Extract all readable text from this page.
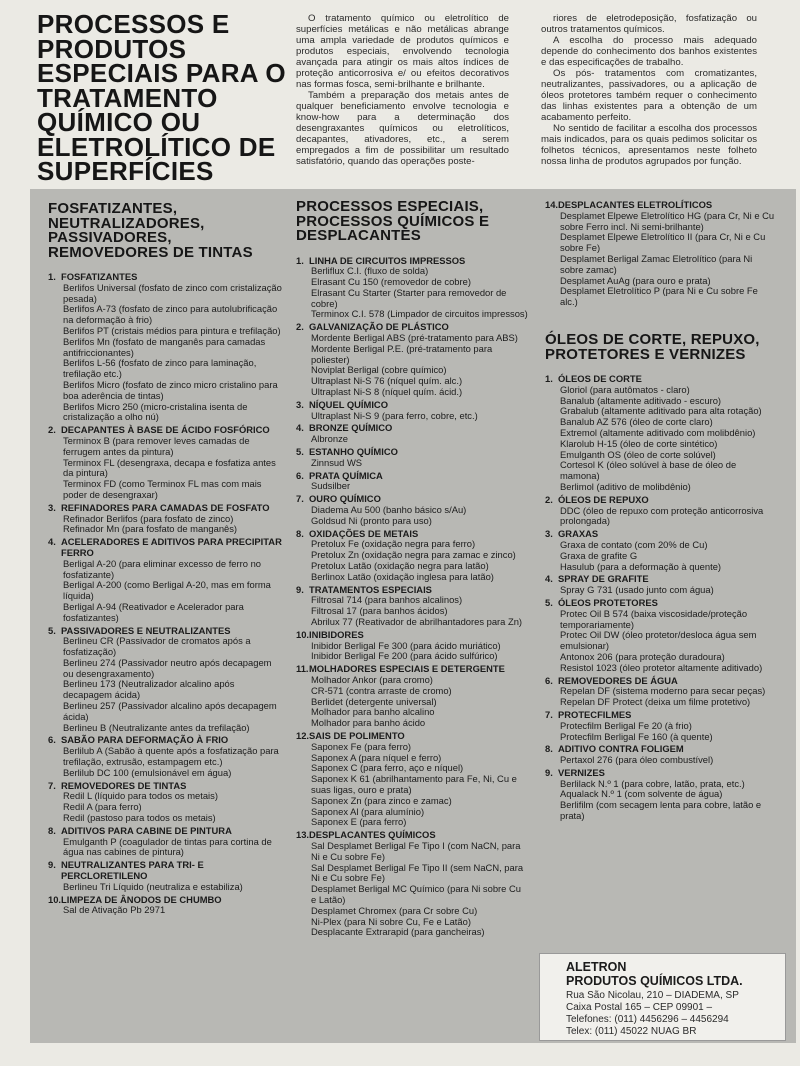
PROCESSOS E PRODUTOS ESPECIAIS PARA O TRATAMENTO QUÍMICO OU ELETROLÍTICO DE SUPERFÍCIES

O tratamento químico ou eletrolítico de superfícies metálicas e não metálicas abrange uma ampla variedade de produtos químicos e produtos especiais, envolvendo tecnologia avançada para atingir os mais altos índices de proteção anticorrosiva e/ ou efeitos decorativos nas formas fosca, semi-brilhante e brilhante.

Também a preparação dos metais antes de qualquer beneficiamento envolve tecnologia e know-how para a determinação dos desengraxantes químicos ou eletrolíticos, decapantes, ativadores, etc., a serem empregados a fim de possibilitar um resultado satisfatório, quando das operações poste-

riores de eletrodeposição, fosfatização ou outros tratamentos químicos.

A escolha do processo mais adequado depende do conhecimento dos banhos existentes e das especificações de trabalho.

Os pós- tratamentos com cromatizantes, neutralizantes, passivadores, ou a aplicação de óleos protetores também requer o conhecimento das linhas existentes para a obtenção de um acabamento perfeito.

No sentido de facilitar a escolha dos processos mais indicados, para os quais pedimos solicitar os folhetos técnicos, apresentamos neste folheto nossa linha de produtos agrupados por função.

FOSFATIZANTES, NEUTRALIZADORES, PASSIVADORES, REMOVEDORES DE TINTAS
1. FOSFATIZANTES
Berlifos Universal (fosfato de zinco com cristalização pesada)
Berlifos A-73 (fosfato de zinco para autolubrificação na deformação à frio)
Berlifos PT (cristais médios para pintura e trefilação)
Berlifos Mn (fosfato de manganês para camadas antifriccionantes)
Berlifos L-56 (fosfato de zinco para laminação, trefilação etc.)
Berlifos Micro (fosfato de zinco micro cristalino para boa aderência de tintas)
Berlifos Micro 250 (micro-cristalina isenta de cristalização a olho nú)
2. DECAPANTES À BASE DE ÁCIDO FOSFÓRICO
Terminox B (para remover leves camadas de ferrugem antes da pintura)
Terminox FL (desengraxa, decapa e fosfatiza antes da pintura)
Terminox FD (como Terminox FL mas com mais poder de desengraxar)
3. REFINADORES PARA CAMADAS DE FOSFATO
Refinador Berlifos (para fosfato de zinco)
Refinador Mn (para fosfato de manganês)
4. ACELERADORES E ADITIVOS PARA PRECIPITAR FERRO
Berligal A-20 (para eliminar excesso de ferro no fosfatizante)
Berligal A-200 (como Berligal A-20, mas em forma líquida)
Berligal A-94 (Reativador e Acelerador para fosfatizantes)
5. PASSIVADORES E NEUTRALIZANTES
Berlineu CR (Passivador de cromatos após a fosfatização)
Berlineu 274 (Passivador neutro após decapagem ou desengraxamento)
Berlineu 173 (Neutralizador alcalino após decapagem ácida)
Berlineu 257 (Passivador alcalino após decapagem ácida)
Berlineu B (Neutralizante antes da trefilação)
6. SABÃO PARA DEFORMAÇÃO À FRIO
Berlilub A (Sabão à quente após a fosfatização para trefilação, extrusão, estampagem etc.)
Berlilub DC 100 (emulsionável em água)
7. REMOVEDORES DE TINTAS
Redil L (líquido para todos os metais)
Redil A (para ferro)
Redil (pastoso para todos os metais)
8. ADITIVOS PARA CABINE DE PINTURA
Emulganth P (coagulador de tintas para cortina de água nas cabines de pintura)
9. NEUTRALIZANTES PARA TRI- E PERCLORETILENO
Berlineu Tri Líquido (neutraliza e estabiliza)
10. LIMPEZA DE ÂNODOS DE CHUMBO
Sal de Ativação Pb 2971
PROCESSOS ESPECIAIS, PROCESSOS QUÍMICOS E DESPLACANTES
1. LINHA DE CIRCUITOS IMPRESSOS
Berliflux C.I. (fluxo de solda)
Elrasant Cu 150 (removedor de cobre)
Elrasant Cu Starter (Starter para removedor de cobre)
Terminox C.I. 578 (Limpador de circuitos impressos)
2. GALVANIZAÇÃO DE PLÁSTICO
Mordente Berligal ABS (pré-tratamento para ABS)
Mordente Berligal P.E. (pré-tratamento para poliester)
Noviplat Berligal (cobre químico)
Ultraplast Ni-S 76 (níquel quím. alc.)
Ultraplast Ni-S 8 (níquel quím. ácid.)
3. NÍQUEL QUÍMICO
Ultraplast Ni-S 9 (para ferro, cobre, etc.)
4. BRONZE QUÍMICO
Albronze
5. ESTANHO QUÍMICO
Zinnsud WS
6. PRATA QUÍMICA
Sudsilber
7. OURO QUÍMICO
Diadema Au 500 (banho básico s/Au)
Goldsud Ni (pronto para uso)
8. OXIDAÇÕES DE METAIS
Pretolux Fe (oxidação negra para ferro)
Pretolux Zn (oxidação negra para zamac e zinco)
Pretolux Latão (oxidação negra para latão)
Berlinox Latão (oxidação inglesa para latão)
9. TRATAMENTOS ESPECIAIS
Filtrosal 714 (para banhos alcalinos)
Filtrosal 17 (para banhos ácidos)
Abrilux 77 (Reativador de abrilhantadores para Zn)
10. INIBIDORES
Inibidor Berligal Fe 300 (para ácido muriático)
Inibidor Berligal Fe 200 (para ácido sulfúrico)
11. MOLHADORES ESPECIAIS E DETERGENTE
Molhador Ankor (para cromo)
CR-571 (contra arraste de cromo)
Berlidet (detergente universal)
Molhador para banho alcalino
Molhador para banho ácido
12. SAIS DE POLIMENTO
Saponex Fe (para ferro)
Saponex A (para níquel e ferro)
Saponex C (para ferro, aço e níquel)
Saponex K 61 (abrilhantamento para Fe, Ni, Cu e suas ligas, ouro e prata)
Saponex Zn (para zinco e zamac)
Saponex Al (para alumínio)
Saponex E (para ferro)
13. DESPLACANTES QUÍMICOS
Sal Desplamet Berligal Fe Tipo I (com NaCN, para Ni e Cu sobre Fe)
Sal Desplamet Berligal Fe Tipo II (sem NaCN, para Ni e Cu sobre Fe)
Desplamet Berligal MC Químico (para Ni sobre Cu e Latão)
Desplamet Chromex (para Cr sobre Cu)
Ni-Plex (para Ni sobre Cu, Fe e Latão)
Desplacante Extrarapid (para gancheiras)
14. DESPLACANTES ELETROLÍTICOS
Desplamet Elpewe Eletrolítico HG (para Cr, Ni e Cu sobre Ferro incl. Ni semi-brilhante)
Desplamet Elpewe Eletrolítico II (para Cr, Ni e Cu sobre Fe)
Desplamet Berligal Zamac Eletrolítico (para Ni sobre zamac)
Desplamet AuAg (para ouro e prata)
Desplamet Eletrolítico P (para Ni e Cu sobre Fe alc.)
ÓLEOS DE CORTE, REPUXO, PROTETORES E VERNIZES
1. ÓLEOS DE CORTE
Gloriol (para autômatos - claro)
Banalub (altamente aditivado - escuro)
Grabalub (altamente aditivado para alta rotação)
Banalub AZ 576 (óleo de corte claro)
Extremol (altamente aditivado com molibdênio)
Klarolub H-15 (óleo de corte sintético)
Emulganth OS (óleo de corte solúvel)
Cortesol K (óleo solúvel à base de óleo de mamona)
Berlimol (aditivo de molibdênio)
2. ÓLEOS DE REPUXO
DDC (óleo de repuxo com proteção anticorrosiva prolongada)
3. GRAXAS
Graxa de contato (com 20% de Cu)
Graxa de grafite G
Hasulub (para a deformação à quente)
4. SPRAY DE GRAFITE
Spray G 731 (usado junto com água)
5. ÓLEOS PROTETORES
Protec Oil B 574 (baixa viscosidade/proteção temporariamente)
Protec Oil DW (óleo protetor/desloca água sem emulsionar)
Antonox 206 (para proteção duradoura)
Resistol 1023 (óleo protetor altamente aditivado)
6. REMOVEDORES DE ÁGUA
Repelan DF (sistema moderno para secar peças)
Repelan DF Protect (deixa um filme protetivo)
7. PROTECFILMES
Protecfilm Berligal Fe 20 (à frio)
Protecfilm Berligal Fe 160 (à quente)
8. ADITIVO CONTRA FOLIGEM
Pertaxol 276 (para óleo combustível)
9. VERNIZES
Berlilack N.º 1 (para cobre, latão, prata, etc.)
Aqualack N.º 1 (com solvente de água)
Berlifilm (com secagem lenta para cobre, latão e prata)
ALETRON
PRODUTOS QUÍMICOS LTDA.
Rua São Nicolau, 210 – DIADEMA, SP
Caixa Postal 165 – CEP 09901 –
Telefones: (011) 4456296 – 4456294
Telex: (011) 45022 NUAG BR
